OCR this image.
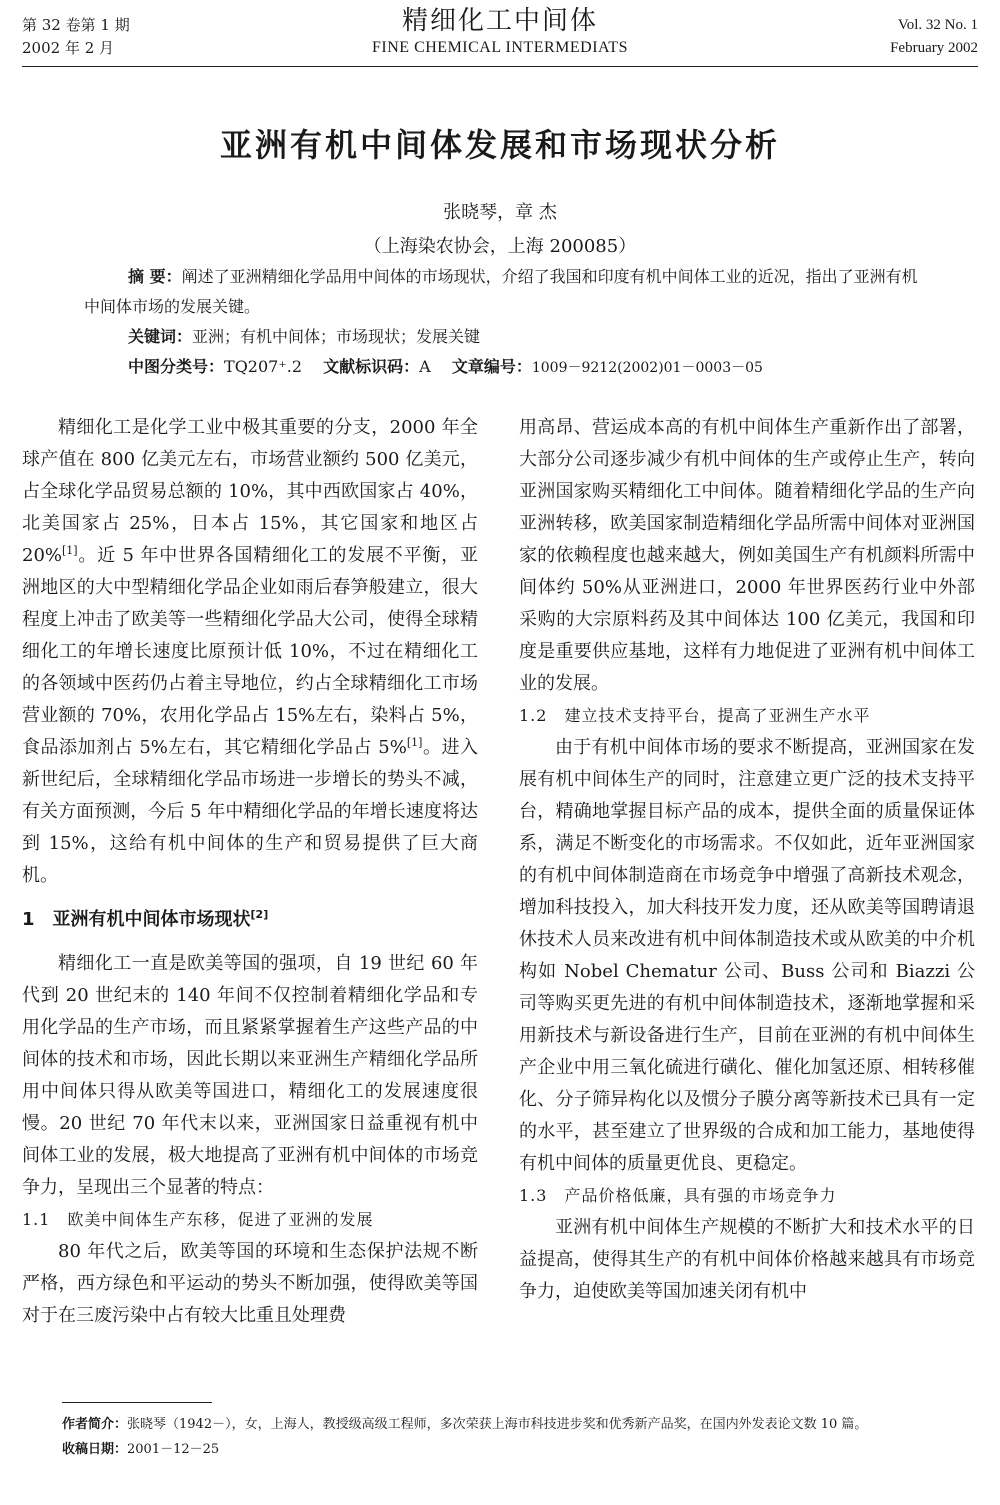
第 32 卷第 1 期
2002 年 2 月
精细化工中间体
FINE CHEMICAL INTERMEDIATS
Vol. 32 No. 1
February 2002
亚洲有机中间体发展和市场现状分析
张晓琴，章 杰
（上海染农协会，上海 200085）

摘 要：阐述了亚洲精细化学品用中间体的市场现状，介绍了我国和印度有机中间体工业的近况，指出了亚洲有机中间体市场的发展关键。

关键词：亚洲；有机中间体；市场现状；发展关键

中图分类号：TQ207⁺.2　 文献标识码：A　 文章编号：1009－9212(2002)01－0003－05

精细化工是化学工业中极其重要的分支，2000 年全球产值在 800 亿美元左右，市场营业额约 500 亿美元，占全球化学品贸易总额的 10%，其中西欧国家占 40%，北美国家占 25%，日本占 15%，其它国家和地区占 20%[1]。近 5 年中世界各国精细化工的发展不平衡，亚洲地区的大中型精细化学品企业如雨后春笋般建立，很大程度上冲击了欧美等一些精细化学品大公司，使得全球精细化工的年增长速度比原预计低 10%，不过在精细化工的各领域中医药仍占着主导地位，约占全球精细化工市场营业额的 70%，农用化学品占 15%左右，染料占 5%，食品添加剂占 5%左右，其它精细化学品占 5%[1]。进入新世纪后，全球精细化学品市场进一步增长的势头不减，有关方面预测，今后 5 年中精细化学品的年增长速度将达到 15%，这给有机中间体的生产和贸易提供了巨大商机。

1　亚洲有机中间体市场现状[2]

精细化工一直是欧美等国的强项，自 19 世纪 60 年代到 20 世纪末的 140 年间不仅控制着精细化学品和专用化学品的生产市场，而且紧紧掌握着生产这些产品的中间体的技术和市场，因此长期以来亚洲生产精细化学品所用中间体只得从欧美等国进口，精细化工的发展速度很慢。20 世纪 70 年代末以来，亚洲国家日益重视有机中间体工业的发展，极大地提高了亚洲有机中间体的市场竞争力，呈现出三个显著的特点：

1.1　欧美中间体生产东移，促进了亚洲的发展

80 年代之后，欧美等国的环境和生态保护法规不断严格，西方绿色和平运动的势头不断加强，使得欧美等国对于在三废污染中占有较大比重且处理费

用高昂、营运成本高的有机中间体生产重新作出了部署，大部分公司逐步减少有机中间体的生产或停止生产，转向亚洲国家购买精细化工中间体。随着精细化学品的生产向亚洲转移，欧美国家制造精细化学品所需中间体对亚洲国家的依赖程度也越来越大，例如美国生产有机颜料所需中间体约 50%从亚洲进口，2000 年世界医药行业中外部采购的大宗原料药及其中间体达 100 亿美元，我国和印度是重要供应基地，这样有力地促进了亚洲有机中间体工业的发展。

1.2　建立技术支持平台，提高了亚洲生产水平

由于有机中间体市场的要求不断提高，亚洲国家在发展有机中间体生产的同时，注意建立更广泛的技术支持平台，精确地掌握目标产品的成本，提供全面的质量保证体系，满足不断变化的市场需求。不仅如此，近年亚洲国家的有机中间体制造商在市场竞争中增强了高新技术观念，增加科技投入，加大科技开发力度，还从欧美等国聘请退休技术人员来改进有机中间体制造技术或从欧美的中介机构如 Nobel Chematur 公司、Buss 公司和 Biazzi 公司等购买更先进的有机中间体制造技术，逐渐地掌握和采用新技术与新设备进行生产，目前在亚洲的有机中间体生产企业中用三氧化硫进行磺化、催化加氢还原、相转移催化、分子筛异构化以及惯分子膜分离等新技术已具有一定的水平，甚至建立了世界级的合成和加工能力，基地使得有机中间体的质量更优良、更稳定。

1.3　产品价格低廉，具有强的市场竞争力

亚洲有机中间体生产规模的不断扩大和技术水平的日益提高，使得其生产的有机中间体价格越来越具有市场竞争力，迫使欧美等国加速关闭有机中

作者简介：张晓琴（1942－），女，上海人，教授级高级工程师，多次荣获上海市科技进步奖和优秀新产品奖，在国内外发表论文数 10 篇。
收稿日期：2001－12－25
